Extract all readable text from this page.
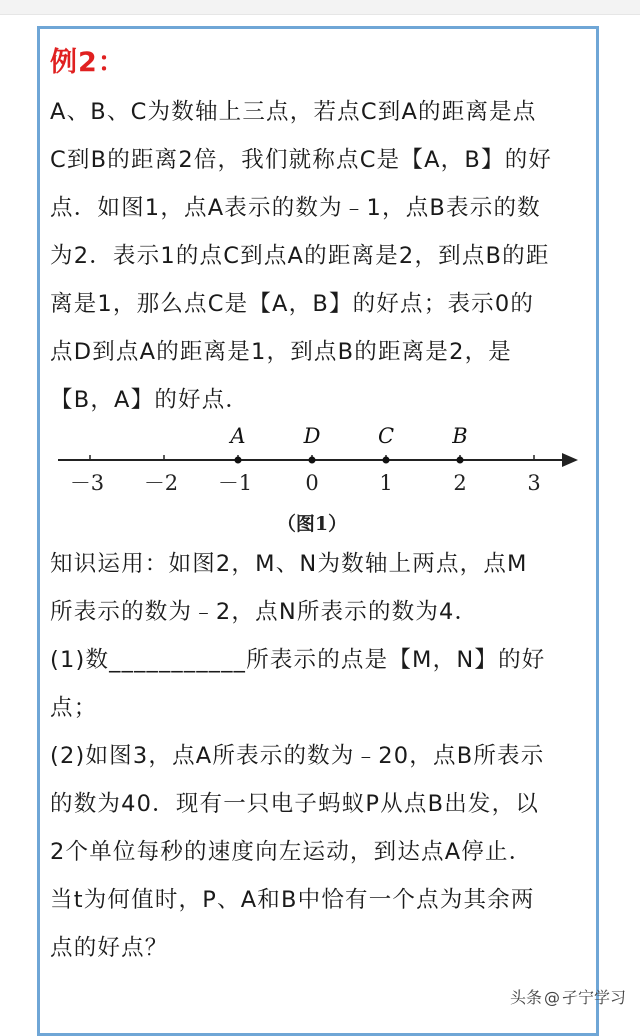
例2：
A、B、C为数轴上三点，若点C到A的距离是点
C到B的距离2倍，我们就称点C是【A，B】的好
点．如图1，点A表示的数为﹣1，点B表示的数
为2．表示1的点C到点A的距离是2，到点B的距
离是1，那么点C是【A，B】的好点；表示0的
点D到点A的距离是1，到点B的距离是2，是
【B，A】的好点．
－3 －2 －1	0	1	2	3
A	D	C	B
（图1）
知识运用：如图2，M、N为数轴上两点，点M
所表示的数为﹣2，点N所表示的数为4．
(1)数___________所表示的点是【M，N】的好
点；
(2)如图3，点A所表示的数为﹣20，点B所表示
的数为40．现有一只电子蚂蚁P从点B出发，以
2个单位每秒的速度向左运动，到达点A停止．
当t为何值时，P、A和B中恰有一个点为其余两
点的好点？
头条 @ 孑宁学习
